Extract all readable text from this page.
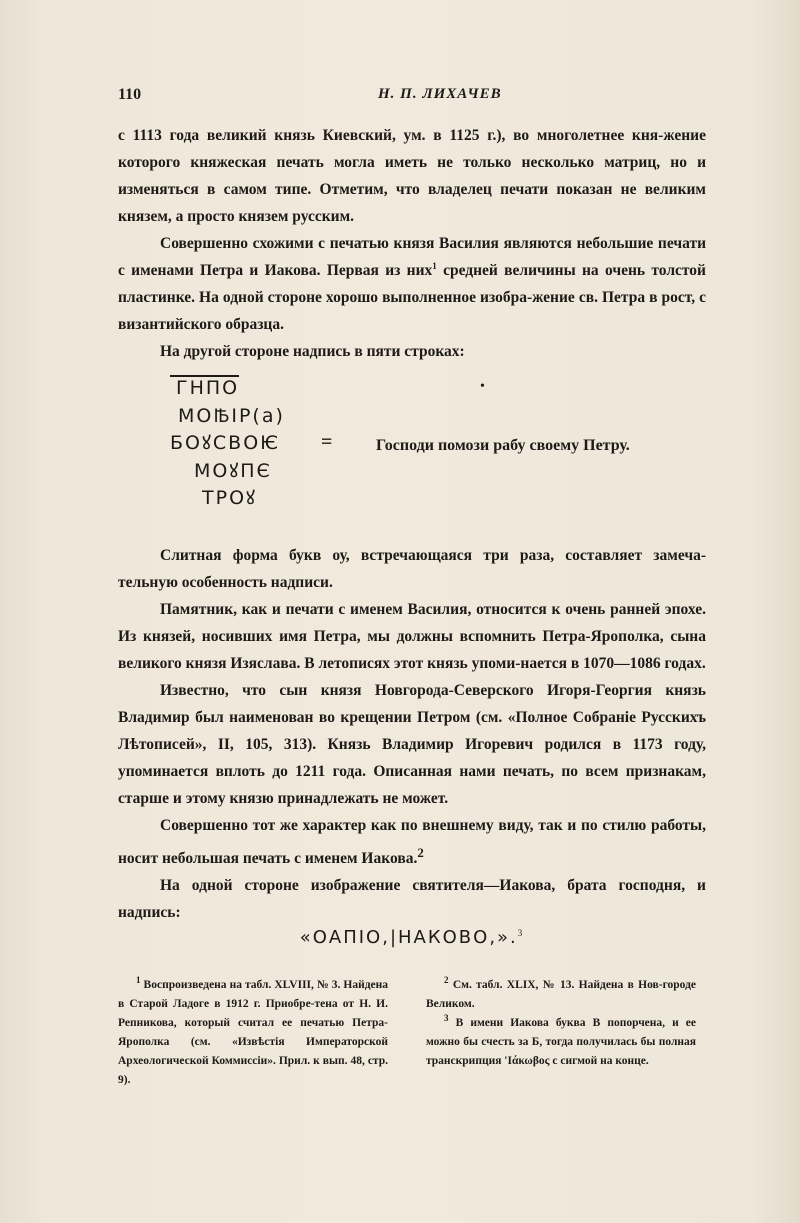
110	Н. П. ЛИХАЧЕВ

с 1113 года великий князь Киевский, ум. в 1125 г.), во многолетнее кня-жение которого княжеская печать могла иметь не только несколько матриц, но и изменяться в самом типе. Отметим, что владелец печати показан не великим князем, а просто князем русским.

Совершенно схожими с печатью князя Василия являются небольшие печати с именами Петра и Иакова. Первая из них$^1$ средней величины на очень толстой пластинке. На одной стороне хорошо выполненное изобра-жение св. Петра в рост, с византийского образца.

На другой стороне надпись в пяти строках:

ГНПО
МОꙒІР(а)
БОꙋСВОѤ
МОꙋПЄ
ТРОꙋ
•
=	Господи помози рабу своему Петру.

Слитная форма букв оу, встречающаяся три раза, составляет замеча-тельную особенность надписи.

Памятник, как и печати с именем Василия, относится к очень ранней эпохе. Из князей, носивших имя Петра, мы должны вспомнить Петра-Ярополка, сына великого князя Изяслава. В летописях этот князь упоми-нается в 1070—1086 годах.

Известно, что сын князя Новгорода-Северского Игоря-Георгия князь Владимир был наименован во крещении Петром (см. «Полное Собраніе Русскихъ Лѣтописей», II, 105, 313). Князь Владимир Игоревич родился в 1173 году, упоминается вплоть до 1211 года. Описанная нами печать, по всем признакам, старше и этому князю принадлежать не может.

Совершенно тот же характер как по внешнему виду, так и по стилю работы, носит небольшая печать с именем Иакова.$^2$

На одной стороне изображение святителя—Иакова, брата господня, и надпись:

«ОАПІО,|НАКОВО,».$^3$

$^1$ Воспроизведена на табл. XLVIII, № 3. Найдена в Старой Ладоге в 1912 г. Приобре-тена от Н. И. Репникова, который считал ее печатью Петра-Ярополка (см. «Извѣстія Императорской Археологической Коммиссіи». Прил. к вып. 48, стр. 9).

$^2$ См. табл. XLIX, № 13. Найдена в Нов-городе Великом.

$^3$ В имени Иакова буква В попорчена, и ее можно бы счесть за Б, тогда получилась бы полная транскрипция 'Ιάκωβος с сигмой на конце.
